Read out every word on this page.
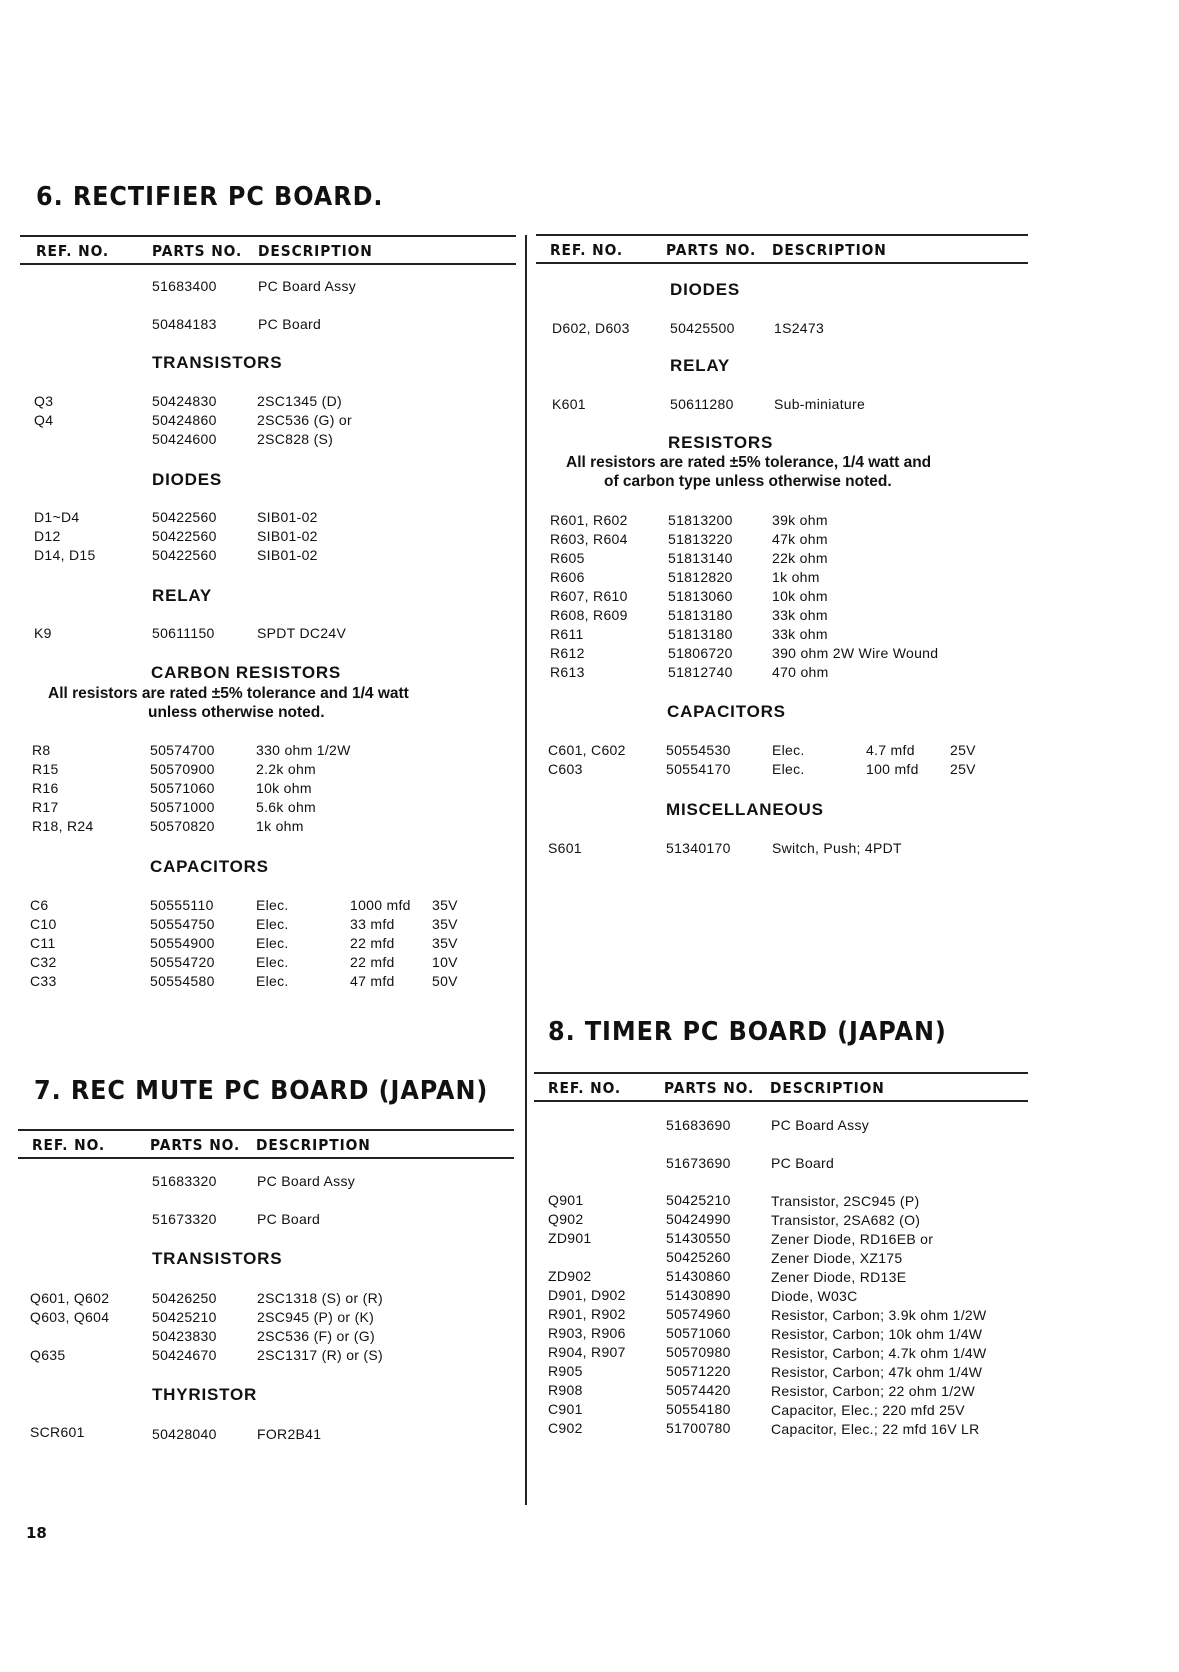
6. RECTIFIER PC BOARD.
REF. NO.	PARTS NO. DESCRIPTION	REF. NO.	PARTS NO. DESCRIPTION
51683400	PC Board Assy
50484183	PC Board
TRANSISTORS
Q3	50424830	2SC1345 (D)
Q4	50424860	2SC536 (G) or
50424600	2SC828 (S)
DIODES
D1~D4	50422560	SIB01-02
D12	50422560	SIB01-02
D14, D15	50422560	SIB01-02
RELAY
K9	50611150	SPDT DC24V
CARBON RESISTORS
All resistors are rated ±5% tolerance and 1/4 watt
unless otherwise noted.
R8	50574700	330 ohm 1/2W
R15	50570900	2.2k ohm
R16	50571060	10k ohm
R17	50571000	5.6k ohm
R18, R24	50570820	1k ohm
CAPACITORS
C6	50555110	Elec.	1000 mfd 35V
C10	50554750	Elec.	33 mfd	35V
C11	50554900	Elec.	22 mfd	35V
C32	50554720	Elec.	22 mfd	10V
C33	50554580	Elec.	47 mfd	50V
DIODES
D602, D603	50425500	1S2473
RELAY
K601	50611280	Sub-miniature
RESISTORS
All resistors are rated ±5% tolerance, 1/4 watt and
of carbon type unless otherwise noted.
R601, R602	51813200	39k ohm
R603, R604	51813220	47k ohm
R605	51813140	22k ohm
R606	51812820	1k ohm
R607, R610	51813060	10k ohm
R608, R609	51813180	33k ohm
R611	51813180	33k ohm
R612	51806720	390 ohm 2W Wire Wound
R613	51812740	470 ohm
CAPACITORS
C601, C602	50554530	Elec.	4.7 mfd	25V
C603	50554170	Elec.	100 mfd 25V
MISCELLANEOUS
S601	51340170	Switch, Push; 4PDT
7. REC MUTE PC BOARD (JAPAN)
REF. NO.	PARTS NO. DESCRIPTION
51683320	PC Board Assy
51673320	PC Board
TRANSISTORS
Q601, Q602	50426250	2SC1318 (S) or (R)
Q603, Q604	50425210	2SC945 (P) or (K)
50423830	2SC536 (F) or (G)
Q635	50424670	2SC1317 (R) or (S)
THYRISTOR
SCR601	50428040	FOR2B41
8. TIMER PC BOARD (JAPAN)
REF. NO.	PARTS NO. DESCRIPTION
51683690	PC Board Assy
51673690	PC Board
Q901	50425210	Transistor, 2SC945 (P)
Q902	50424990	Transistor, 2SA682 (O)
ZD901	51430550	Zener Diode, RD16EB or
50425260	Zener Diode, XZ175
ZD902	51430860	Zener Diode, RD13E
D901, D902	51430890	Diode, W03C
R901, R902	50574960	Resistor, Carbon; 3.9k ohm 1/2W
R903, R906	50571060	Resistor, Carbon; 10k ohm 1/4W
R904, R907	50570980	Resistor, Carbon; 4.7k ohm 1/4W
R905	50571220	Resistor, Carbon; 47k ohm 1/4W
R908	50574420	Resistor, Carbon; 22 ohm 1/2W
C901	50554180	Capacitor, Elec.; 220 mfd 25V
C902	51700780	Capacitor, Elec.; 22 mfd 16V LR
18
